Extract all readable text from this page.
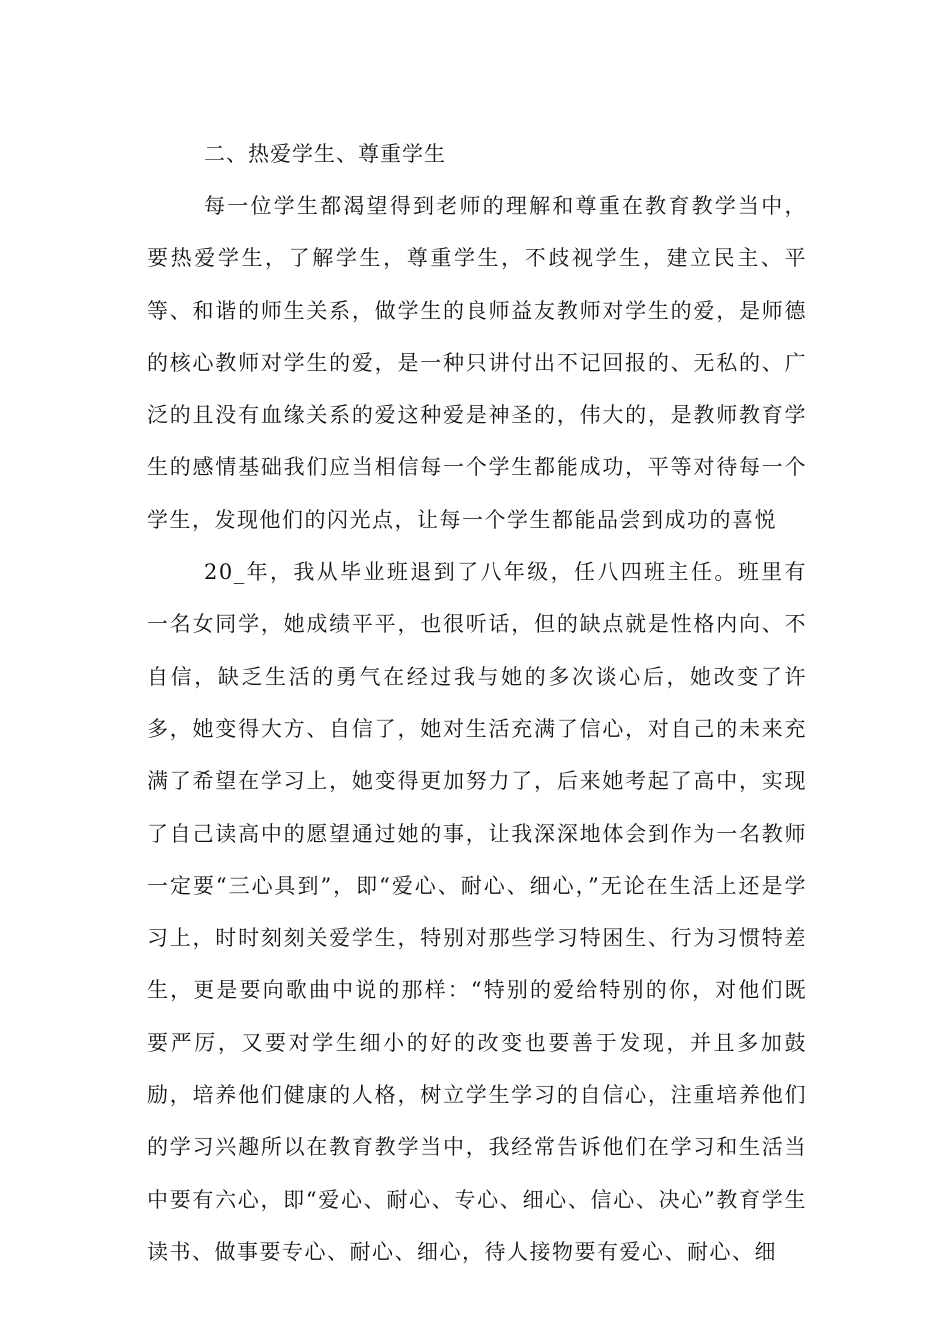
二、热爱学生、尊重学生

每一位学生都渴望得到老师的理解和尊重在教育教学当中，要热爱学生，了解学生，尊重学生，不歧视学生，建立民主、平等、和谐的师生关系，做学生的良师益友教师对学生的爱，是师德的核心教师对学生的爱，是一种只讲付出不记回报的、无私的、广泛的且没有血缘关系的爱这种爱是神圣的，伟大的，是教师教育学生的感情基础我们应当相信每一个学生都能成功，平等对待每一个学生，发现他们的闪光点，让每一个学生都能品尝到成功的喜悦

20_年，我从毕业班退到了八年级，任八四班主任。班里有一名女同学，她成绩平平，也很听话，但的缺点就是性格内向、不自信，缺乏生活的勇气在经过我与她的多次谈心后，她改变了许多，她变得大方、自信了，她对生活充满了信心，对自己的未来充满了希望在学习上，她变得更加努力了，后来她考起了高中，实现了自己读高中的愿望通过她的事，让我深深地体会到作为一名教师一定要“三心具到”，即“爱心、耐心、细心，”无论在生活上还是学习上，时时刻刻关爱学生，特别对那些学习特困生、行为习惯特差生，更是要向歌曲中说的那样：“特别的爱给特别的你，对他们既要严厉，又要对学生细小的好的改变也要善于发现，并且多加鼓励，培养他们健康的人格，树立学生学习的自信心，注重培养他们的学习兴趣所以在教育教学当中，我经常告诉他们在学习和生活当中要有六心，即“爱心、耐心、专心、细心、信心、决心”教育学生读书、做事要专心、耐心、细心，待人接物要有爱心、耐心、细
